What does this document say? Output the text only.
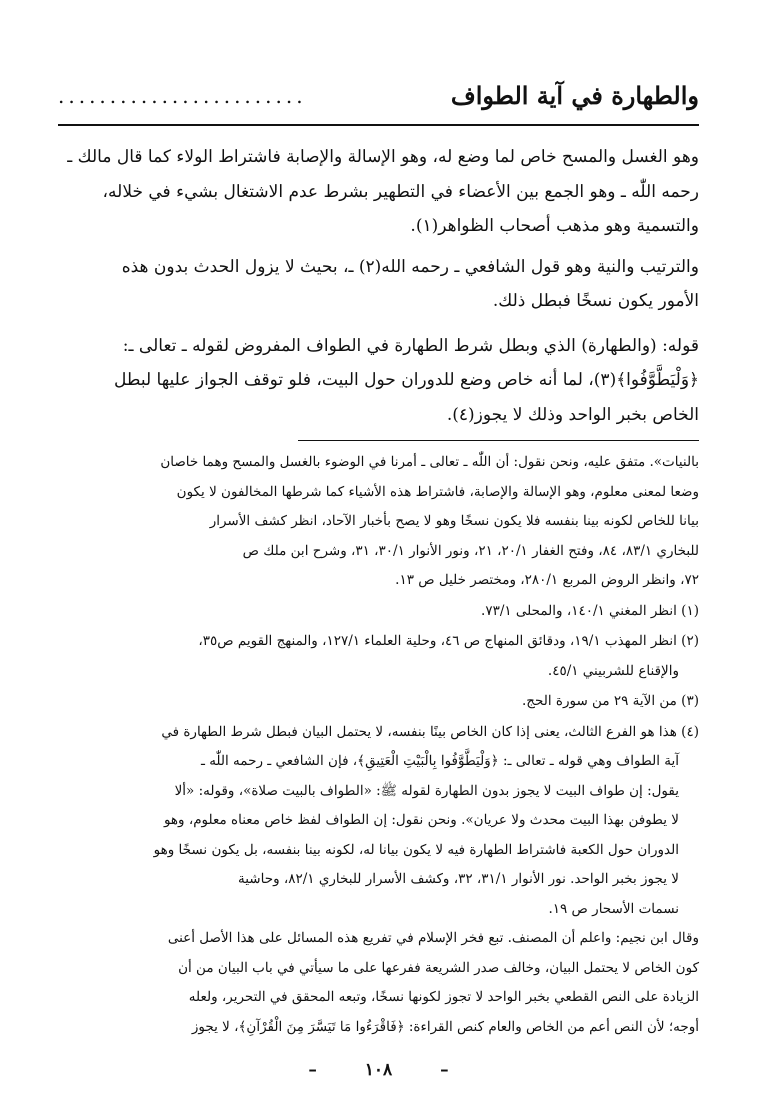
والطهارة في آية الطواف
........................

وهو الغسل والمسح خاص لما وضع له، وهو الإسالة والإصابة فاشتراط الولاء كما قال مالك ـ

رحمه اللّٰه ـ وهو الجمع بين الأعضاء في التطهير بشرط عدم الاشتغال بشيء في خلاله،

والتسمية وهو مذهب أصحاب الظواهر(١).

والترتيب والنية وهو قول الشافعي ـ رحمه الله(٢) ـ، بحيث لا يزول الحدث بدون هذه

الأمور يكون نسخًا فبطل ذلك.

قوله: (والطهارة) الذي وبطل شرط الطهارة في الطواف المفروض لقوله ـ تعالى ـ:

﴿وَلْيَطَّوَّفُوا﴾(٣)، لما أنه خاص وضع للدوران حول البيت، فلو توقف الجواز عليها لبطل

الخاص بخبر الواحد وذلك لا يجوز(٤).

بالنيات». متفق عليه، ونحن نقول: أن اللّٰه ـ تعالى ـ أمرنا في الوضوء بالغسل والمسح وهما خاصان

وضعا لمعنى معلوم، وهو الإسالة والإصابة، فاشتراط هذه الأشياء كما شرطها المخالفون لا يكون

بيانا للخاص لكونه بينا بنفسه فلا يكون نسخًا وهو لا يصح بأخبار الآحاد، انظر كشف الأسرار

للبخاري ٨٣/١، ٨٤، وفتح الغفار ٢٠/١، ٢١، ونور الأنوار ٣٠/١، ٣١، وشرح ابن ملك ص

٧٢، وانظر الروض المربع ٢٨٠/١، ومختصر خليل ص ١٣.

(١) انظر المغني ١٤٠/١، والمحلى ٧٣/١.

(٢) انظر المهذب ١٩/١، ودقائق المنهاج ص ٤٦، وحلية العلماء ١٢٧/١، والمنهج القويم ص٣٥،

والإقناع للشربيني ٤٥/١.

(٣) من الآية ٢٩ من سورة الحج.

(٤) هذا هو الفرع الثالث، يعنى إذا كان الخاص بينًا بنفسه، لا يحتمل البيان فبطل شرط الطهارة في

آية الطواف وهي قوله ـ تعالى ـ: ﴿وَلْيَطَّوَّفُوا بِالْبَيْتِ الْعَتِيقِ﴾، فإن الشافعي ـ رحمه اللّٰه ـ

يقول: إن طواف البيت لا يجوز بدون الطهارة لقوله ﷺ: «الطواف بالبيت صلاة»، وقوله: «ألا

لا يطوفن بهذا البيت محدث ولا عريان». ونحن نقول: إن الطواف لفظ خاص معناه معلوم، وهو

الدوران حول الكعبة فاشتراط الطهارة فيه لا يكون بيانا له، لكونه بينا بنفسه، بل يكون نسخًا وهو

لا يجوز بخبر الواحد. نور الأنوار ٣١/١، ٣٢، وكشف الأسرار للبخاري ٨٢/١، وحاشية

نسمات الأسحار ص ١٩.

وقال ابن نجيم: واعلم أن المصنف. تبع فخر الإسلام في تفريع هذه المسائل على هذا الأصل أعنى

كون الخاص لا يحتمل البيان، وخالف صدر الشريعة ففرعها على ما سيأتي في باب البيان من أن

الزيادة على النص القطعي بخبر الواحد لا تجوز لكونها نسخًا، وتبعه المحقق في التحرير، ولعله

أوجه؛ لأن النص أعم من الخاص والعام كنص القراءة: ﴿فَاقْرَءُوا مَا تَيَسَّرَ مِنَ الْقُرْآنِ﴾، لا يجوز

– ١٠٨ –
